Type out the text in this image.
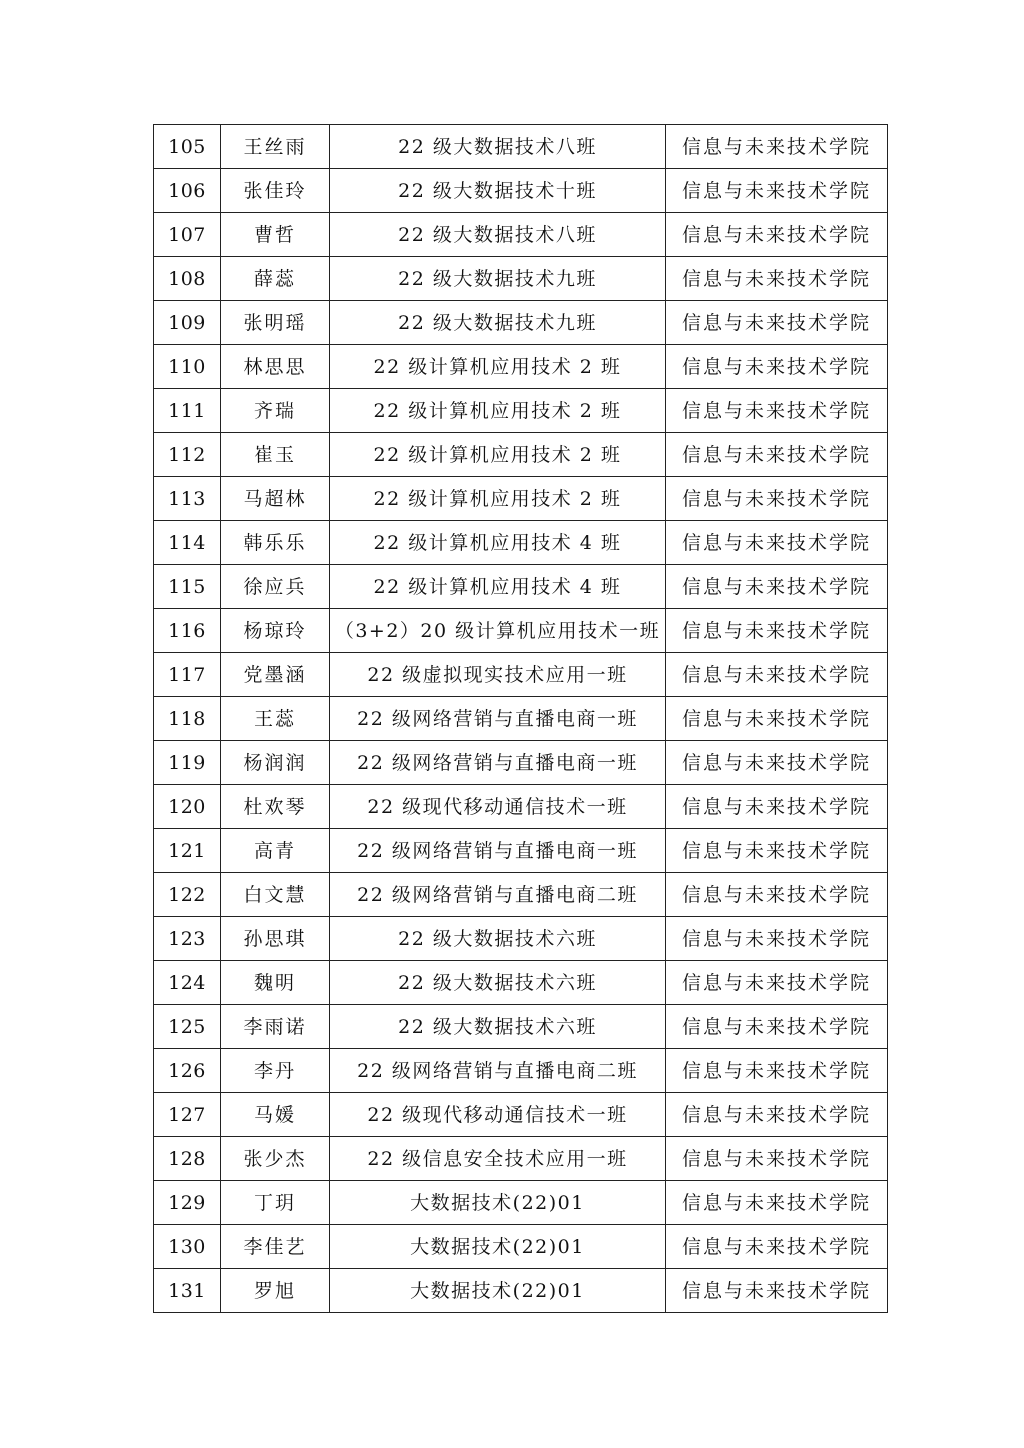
105	王丝雨	22 级大数据技术八班	信息与未来技术学院
106	张佳玲	22 级大数据技术十班	信息与未来技术学院
107	曹哲	22 级大数据技术八班	信息与未来技术学院
108	薛蕊	22 级大数据技术九班	信息与未来技术学院
109	张明瑶	22 级大数据技术九班	信息与未来技术学院
110	林思思	22 级计算机应用技术 2 班	信息与未来技术学院
111	齐瑞	22 级计算机应用技术 2 班	信息与未来技术学院
112	崔玉	22 级计算机应用技术 2 班	信息与未来技术学院
113	马超林	22 级计算机应用技术 2 班	信息与未来技术学院
114	韩乐乐	22 级计算机应用技术 4 班	信息与未来技术学院
115	徐应兵	22 级计算机应用技术 4 班	信息与未来技术学院
116	杨琼玲	（3+2）20 级计算机应用技术一班	信息与未来技术学院
117	党墨涵	22 级虚拟现实技术应用一班	信息与未来技术学院
118	王蕊	22 级网络营销与直播电商一班	信息与未来技术学院
119	杨润润	22 级网络营销与直播电商一班	信息与未来技术学院
120	杜欢琴	22 级现代移动通信技术一班	信息与未来技术学院
121	高青	22 级网络营销与直播电商一班	信息与未来技术学院
122	白文慧	22 级网络营销与直播电商二班	信息与未来技术学院
123	孙思琪	22 级大数据技术六班	信息与未来技术学院
124	魏明	22 级大数据技术六班	信息与未来技术学院
125	李雨诺	22 级大数据技术六班	信息与未来技术学院
126	李丹	22 级网络营销与直播电商二班	信息与未来技术学院
127	马媛	22 级现代移动通信技术一班	信息与未来技术学院
128	张少杰	22 级信息安全技术应用一班	信息与未来技术学院
129	丁玥	大数据技术(22)01	信息与未来技术学院
130	李佳艺	大数据技术(22)01	信息与未来技术学院
131	罗旭	大数据技术(22)01	信息与未来技术学院
